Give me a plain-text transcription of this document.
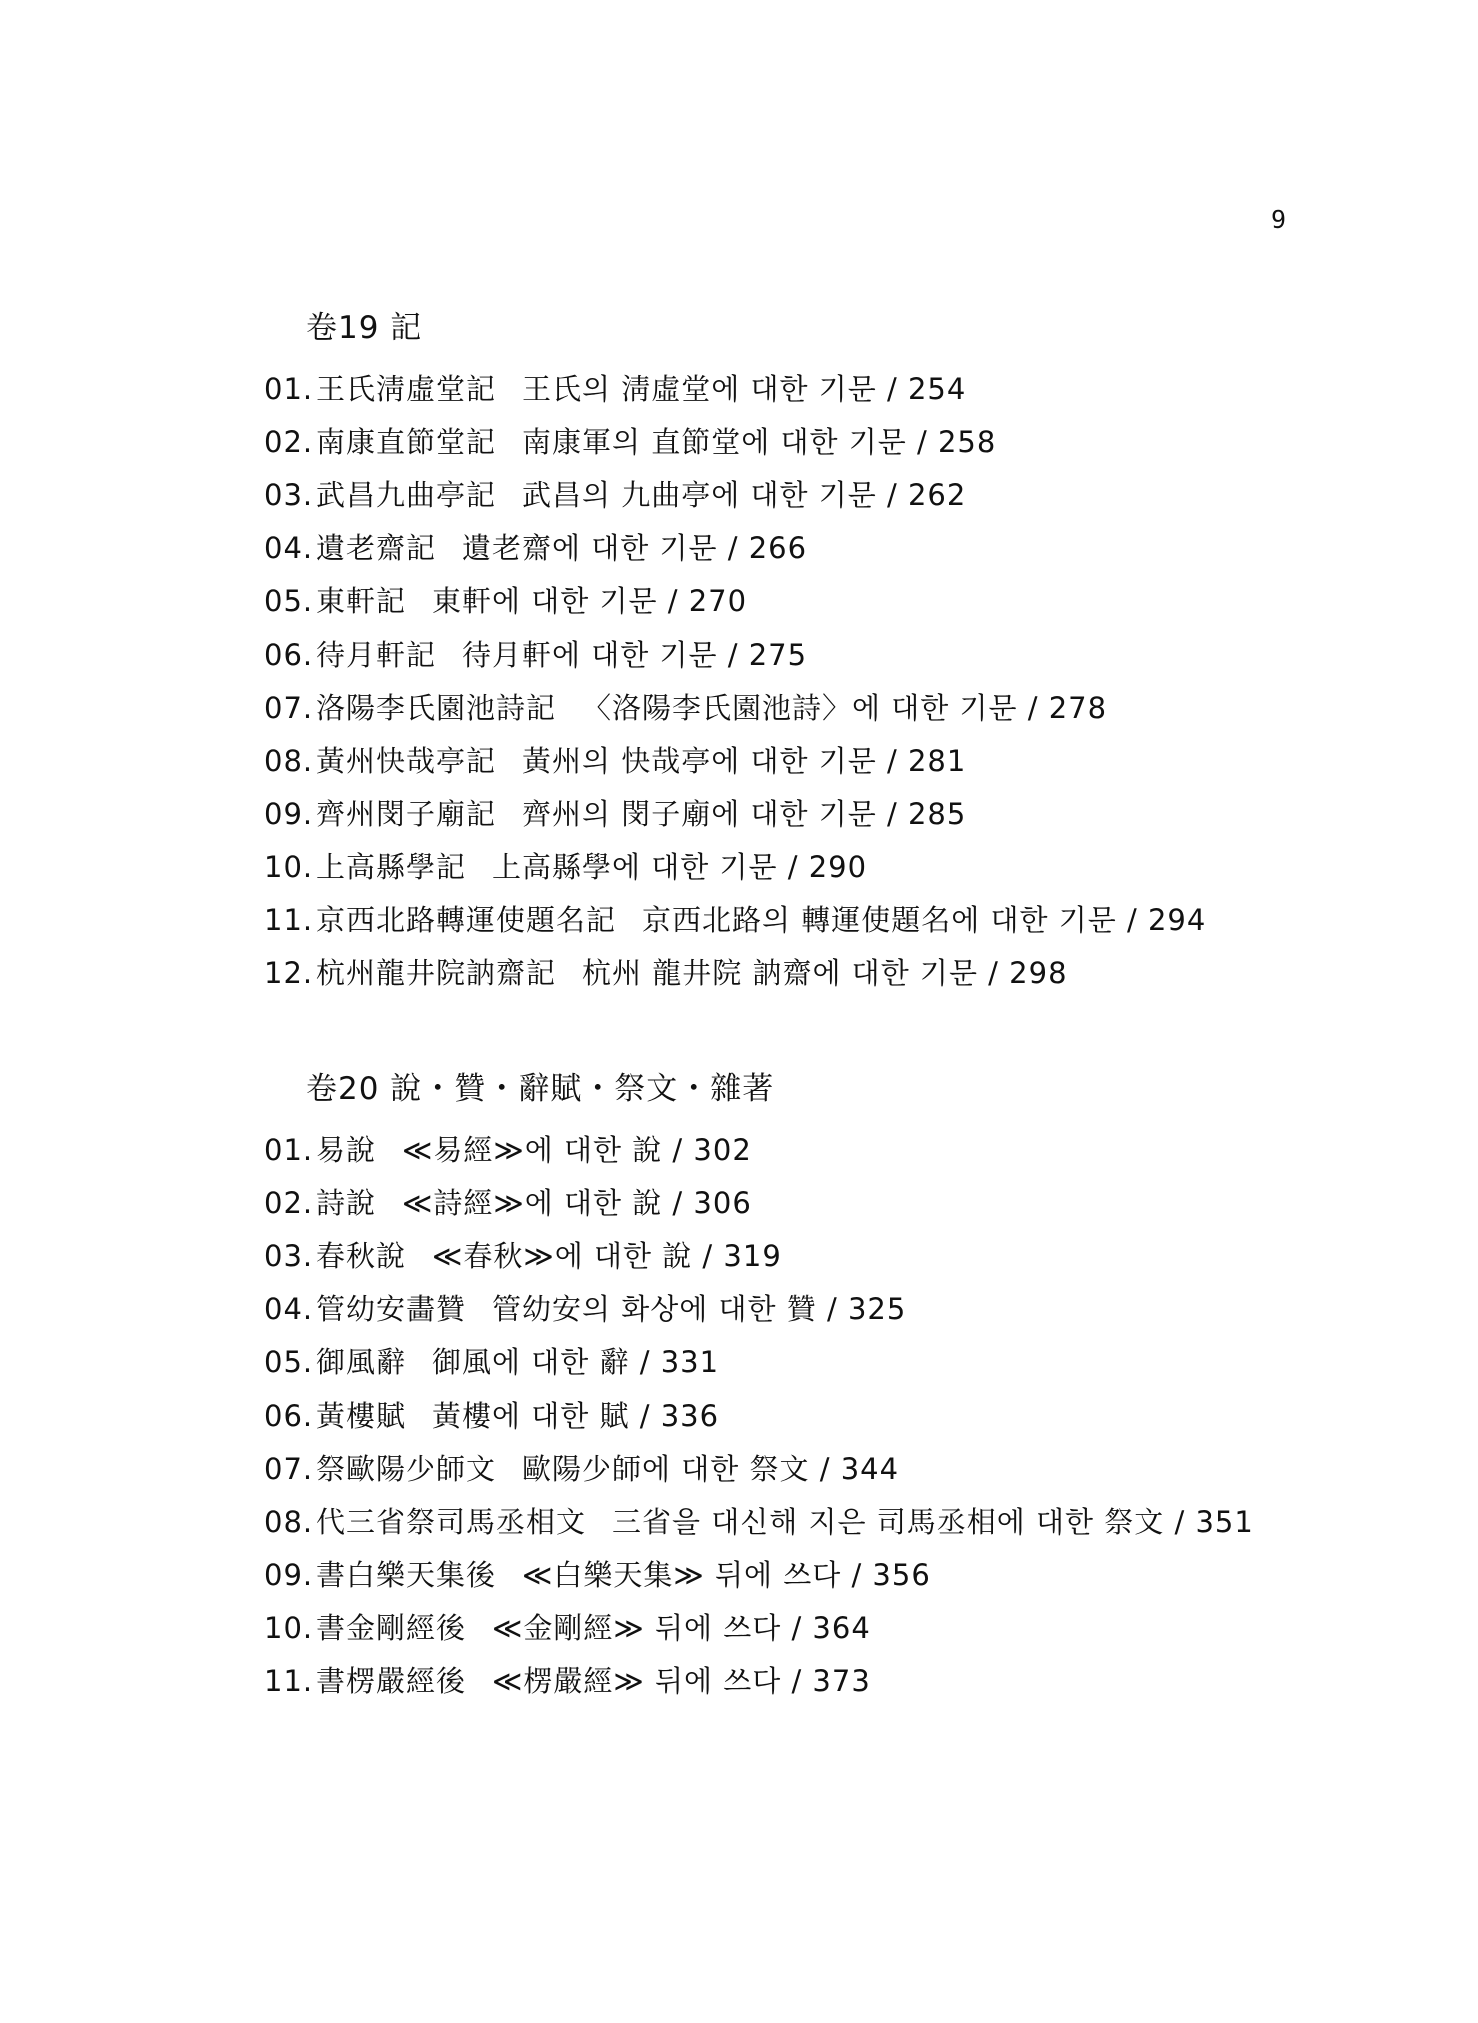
9
卷19 記
01.王氏淸虛堂記 王氏의 淸虛堂에 대한 기문 / 254
02.南康直節堂記 南康軍의 直節堂에 대한 기문 / 258
03.武昌九曲亭記 武昌의 九曲亭에 대한 기문 / 262
04.遺老齋記 遺老齋에 대한 기문 / 266
05.東軒記 東軒에 대한 기문 / 270
06.待月軒記 待月軒에 대한 기문 / 275
07.洛陽李氏園池詩記 〈洛陽李氏園池詩〉에 대한 기문 / 278
08.黃州快哉亭記 黃州의 快哉亭에 대한 기문 / 281
09.齊州閔子廟記 齊州의 閔子廟에 대한 기문 / 285
10.上高縣學記 上高縣學에 대한 기문 / 290
11.京西北路轉運使題名記 京西北路의 轉運使題名에 대한 기문 / 294
12.杭州龍井院訥齋記 杭州 龍井院 訥齋에 대한 기문 / 298
卷20 說・贊・辭賦・祭文・雜著
01.易說 ≪易經≫에 대한 說 / 302
02.詩說 ≪詩經≫에 대한 說 / 306
03.春秋說 ≪春秋≫에 대한 說 / 319
04.管幼安畵贊 管幼安의 화상에 대한 贊 / 325
05.御風辭 御風에 대한 辭 / 331
06.黃樓賦 黃樓에 대한 賦 / 336
07.祭歐陽少師文 歐陽少師에 대한 祭文 / 344
08.代三省祭司馬丞相文 三省을 대신해 지은 司馬丞相에 대한 祭文 / 351
09.書白樂天集後 ≪白樂天集≫ 뒤에 쓰다 / 356
10.書金剛經後 ≪金剛經≫ 뒤에 쓰다 / 364
11.書楞嚴經後 ≪楞嚴經≫ 뒤에 쓰다 / 373
